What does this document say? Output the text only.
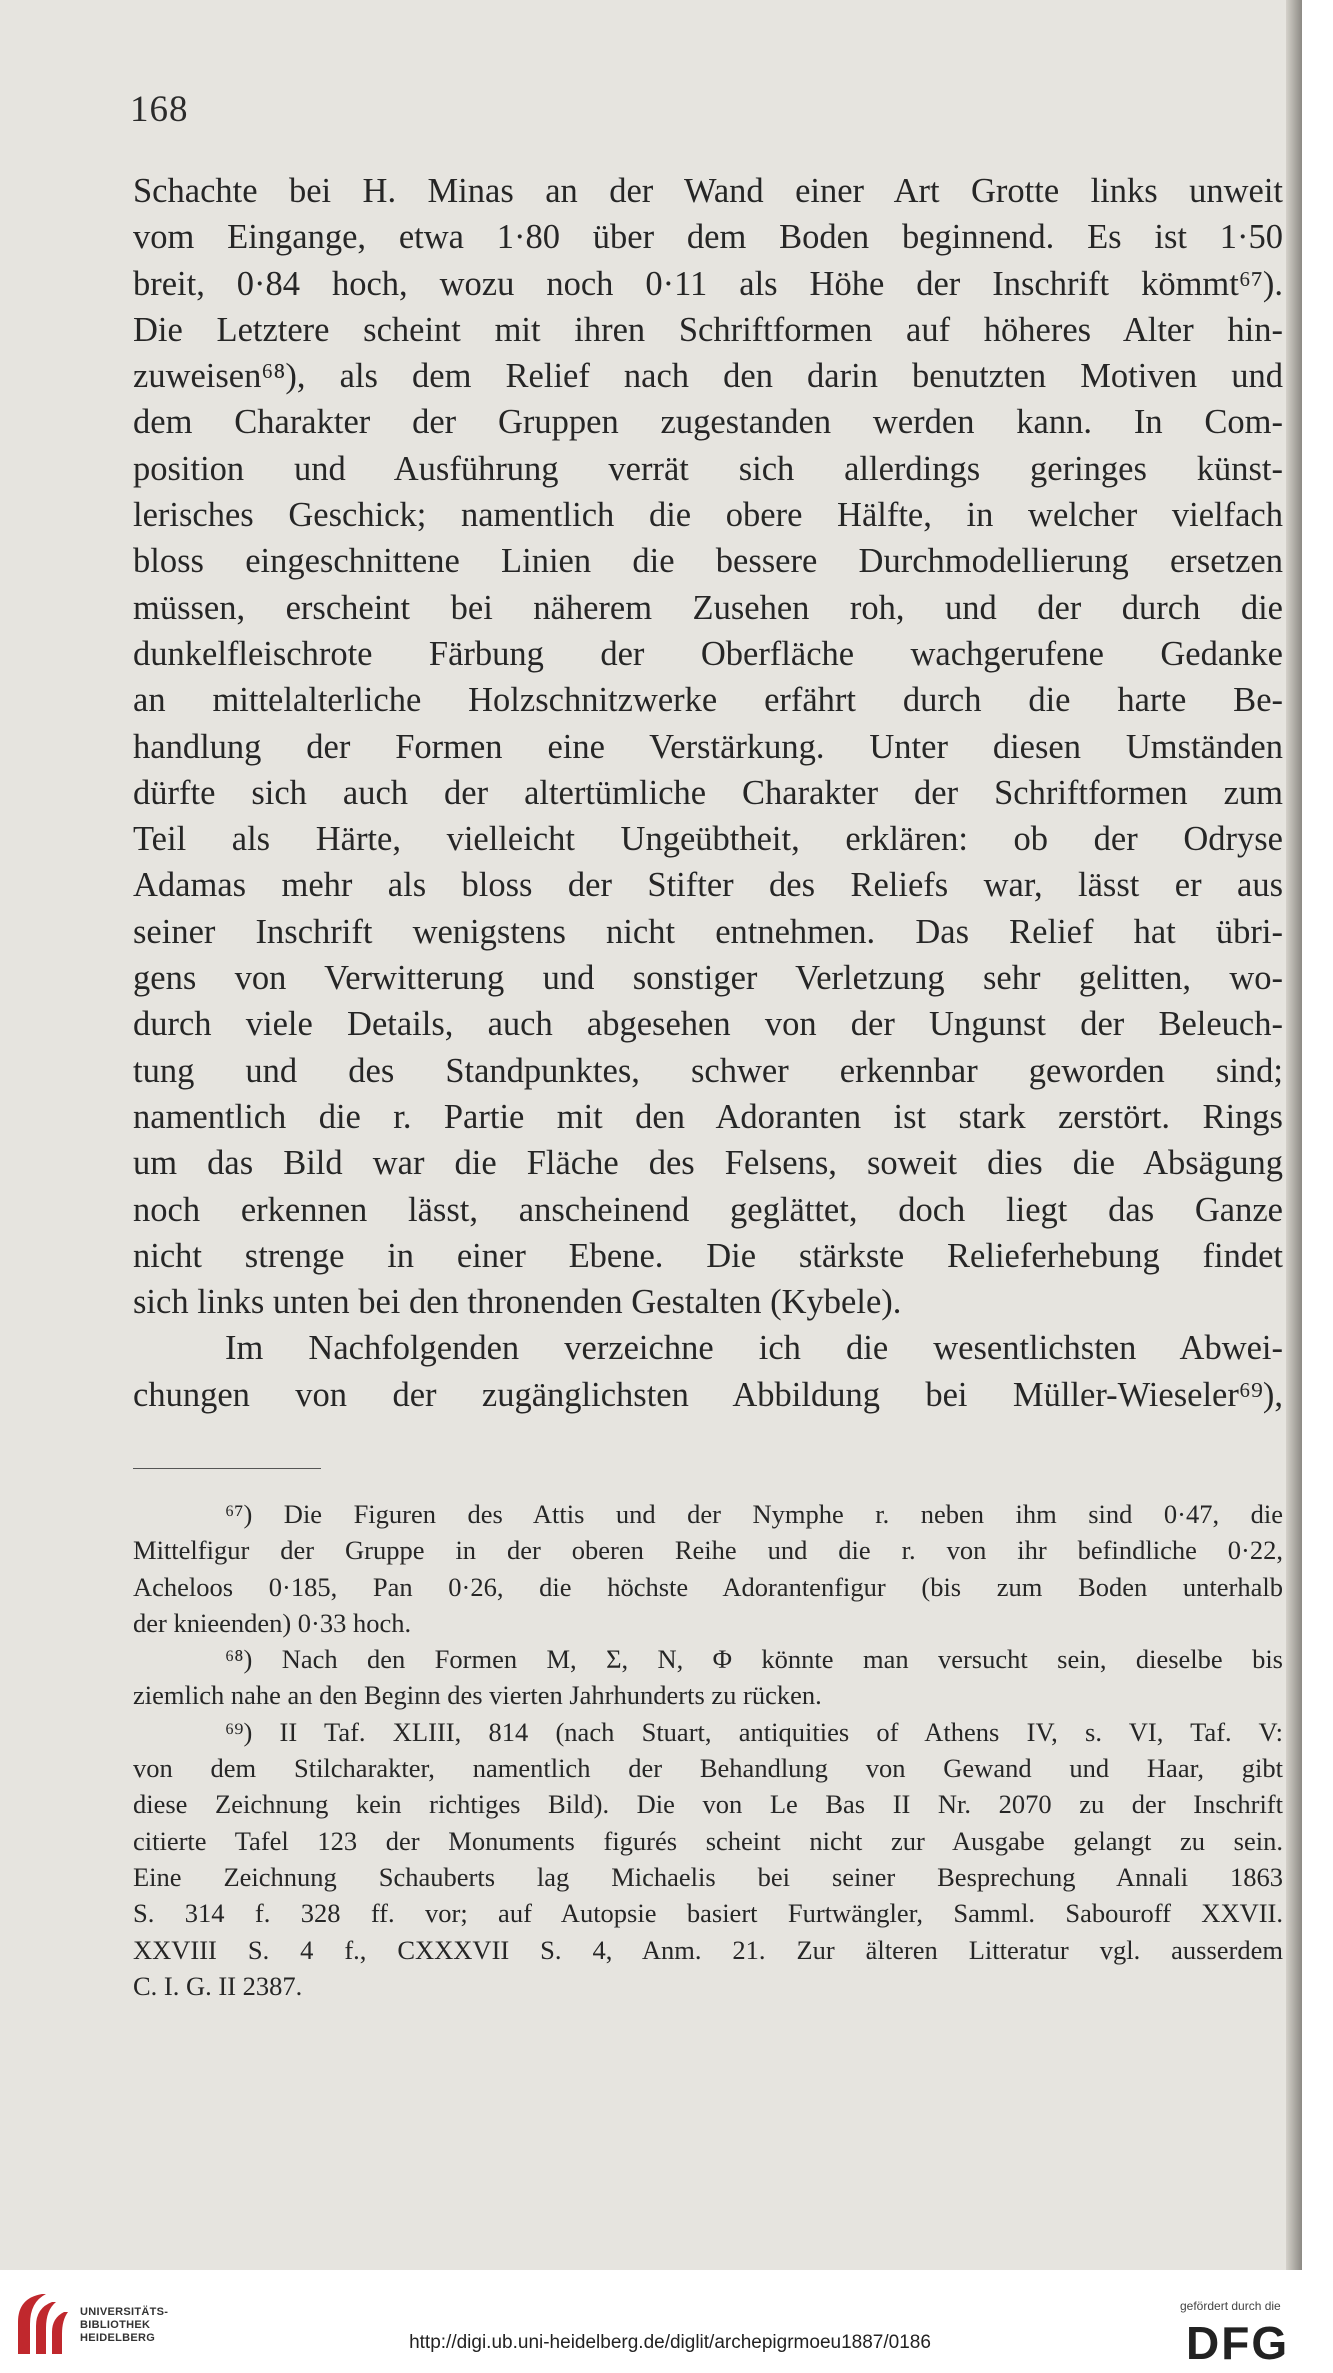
168
Schachte bei H. Minas an der Wand einer Art Grotte links unweit
vom Eingange, etwa 1·80 über dem Boden beginnend. Es ist 1·50
breit, 0·84 hoch, wozu noch 0·11 als Höhe der Inschrift kömmt⁶⁷).
Die Letztere scheint mit ihren Schriftformen auf höheres Alter hin-
zuweisen⁶⁸), als dem Relief nach den darin benutzten Motiven und
dem Charakter der Gruppen zugestanden werden kann. In Com-
position und Ausführung verrät sich allerdings geringes künst-
lerisches Geschick; namentlich die obere Hälfte, in welcher vielfach
bloss eingeschnittene Linien die bessere Durchmodellierung ersetzen
müssen, erscheint bei näherem Zusehen roh, und der durch die
dunkelfleischrote Färbung der Oberfläche wachgerufene Gedanke
an mittelalterliche Holzschnitzwerke erfährt durch die harte Be-
handlung der Formen eine Verstärkung. Unter diesen Umständen
dürfte sich auch der altertümliche Charakter der Schriftformen zum
Teil als Härte, vielleicht Ungeübtheit, erklären: ob der Odryse
Adamas mehr als bloss der Stifter des Reliefs war, lässt er aus
seiner Inschrift wenigstens nicht entnehmen. Das Relief hat übri-
gens von Verwitterung und sonstiger Verletzung sehr gelitten, wo-
durch viele Details, auch abgesehen von der Ungunst der Beleuch-
tung und des Standpunktes, schwer erkennbar geworden sind;
namentlich die r. Partie mit den Adoranten ist stark zerstört. Rings
um das Bild war die Fläche des Felsens, soweit dies die Absägung
noch erkennen lässt, anscheinend geglättet, doch liegt das Ganze
nicht strenge in einer Ebene. Die stärkste Relieferhebung findet
sich links unten bei den thronenden Gestalten (Kybele).
Im Nachfolgenden verzeichne ich die wesentlichsten Abwei-
chungen von der zugänglichsten Abbildung bei Müller-Wieseler⁶⁹),
⁶⁷) Die Figuren des Attis und der Nymphe r. neben ihm sind 0·47, die
Mittelfigur der Gruppe in der oberen Reihe und die r. von ihr befindliche 0·22,
Acheloos 0·185, Pan 0·26, die höchste Adorantenfigur (bis zum Boden unterhalb
der knieenden) 0·33 hoch.
⁶⁸) Nach den Formen M, Σ, N, Φ könnte man versucht sein, dieselbe bis
ziemlich nahe an den Beginn des vierten Jahrhunderts zu rücken.
⁶⁹) II Taf. XLIII, 814 (nach Stuart, antiquities of Athens IV, s. VI, Taf. V:
von dem Stilcharakter, namentlich der Behandlung von Gewand und Haar, gibt
diese Zeichnung kein richtiges Bild). Die von Le Bas II Nr. 2070 zu der Inschrift
citierte Tafel 123 der Monuments figurés scheint nicht zur Ausgabe gelangt zu sein.
Eine Zeichnung Schauberts lag Michaelis bei seiner Besprechung Annali 1863
S. 314 f. 328 ff. vor; auf Autopsie basiert Furtwängler, Samml. Sabouroff XXVII.
XXVIII S. 4 f., CXXXVII S. 4, Anm. 21. Zur älteren Litteratur vgl. ausserdem
C. I. G. II 2387.
UNIVERSITÄTS-
BIBLIOTHEK
HEIDELBERG	http://digi.ub.uni-heidelberg.de/diglit/archepigrmoeu1887/0186
gefördert durch die
DFG
